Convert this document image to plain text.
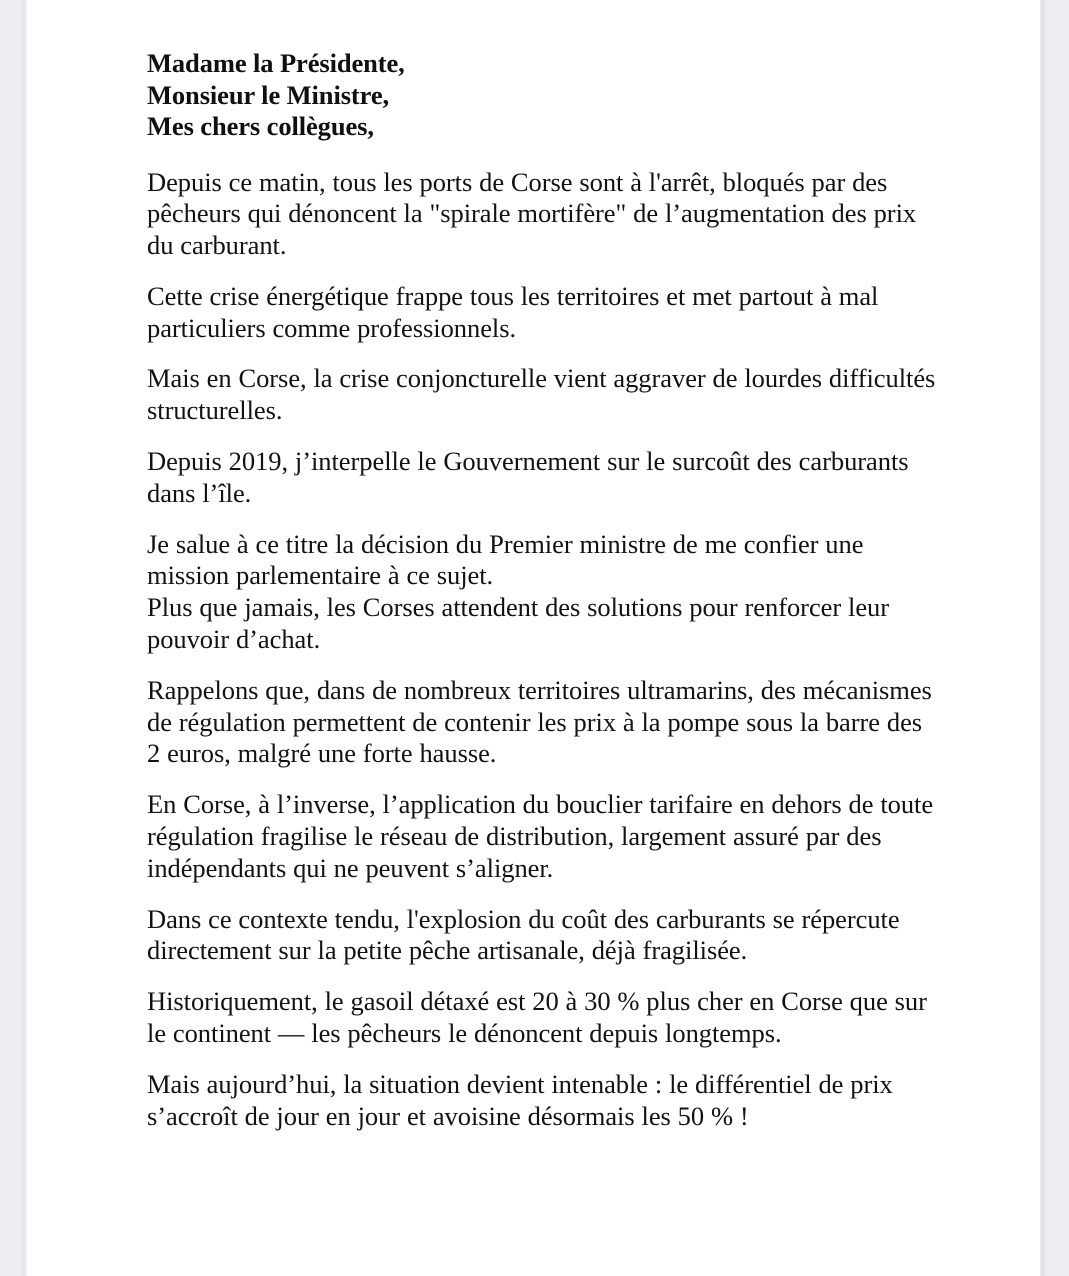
Madame la Présidente,
Monsieur le Ministre,
Mes chers collègues,

Depuis ce matin, tous les ports de Corse sont à l'arrêt, bloqués par des pêcheurs qui dénoncent la "spirale mortifère" de l’augmentation des prix du carburant.

Cette crise énergétique frappe tous les territoires et met partout à mal particuliers comme professionnels.

Mais en Corse, la crise conjoncturelle vient aggraver de lourdes difficultés structurelles.

Depuis 2019, j’interpelle le Gouvernement sur le surcoût des carburants dans l’île.

Je salue à ce titre la décision du Premier ministre de me confier une mission parlementaire à ce sujet.
Plus que jamais, les Corses attendent des solutions pour renforcer leur pouvoir d’achat.

Rappelons que, dans de nombreux territoires ultramarins, des mécanismes de régulation permettent de contenir les prix à la pompe sous la barre des 2 euros, malgré une forte hausse.

En Corse, à l’inverse, l’application du bouclier tarifaire en dehors de toute régulation fragilise le réseau de distribution, largement assuré par des indépendants qui ne peuvent s’aligner.

Dans ce contexte tendu, l'explosion du coût des carburants se répercute directement sur la petite pêche artisanale, déjà fragilisée.

Historiquement, le gasoil détaxé est 20 à 30 % plus cher en Corse que sur le continent — les pêcheurs le dénoncent depuis longtemps.

Mais aujourd’hui, la situation devient intenable : le différentiel de prix s’accroît de jour en jour et avoisine désormais les 50 % !
